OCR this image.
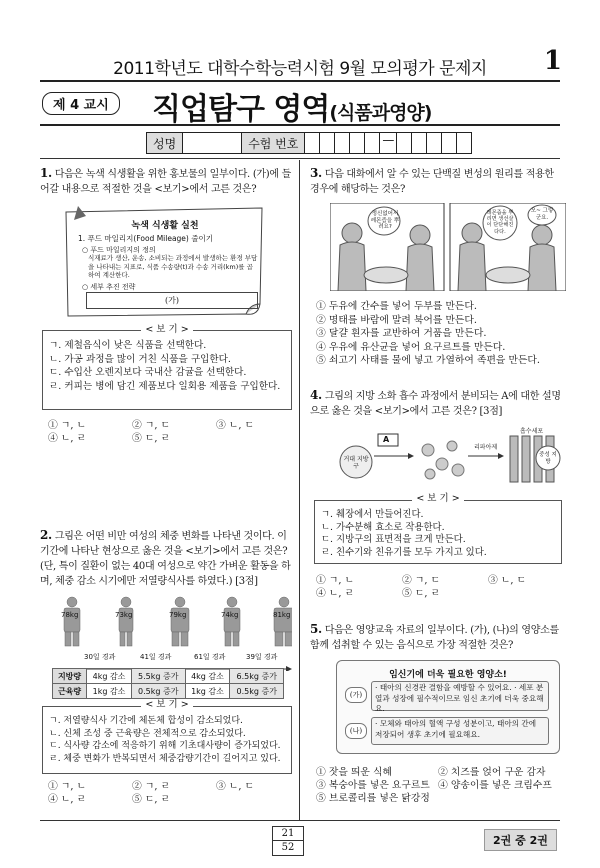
2011학년도 대학수학능력시험 9월 모의평가 문제지	1
제 4 교시	직업탐구 영역(식품과영양)
성명	수험 번호	—
1. 다음은 녹색 식생활을 위한 홍보물의 일부이다. (가)에 들어갈 내용으로 적절한 것을 <보기>에서 고른 것은?
녹색 식생활 실천
1. 푸드 마일리지(Food Mileage) 줄이기
○ 푸드 마일리지의 정의
식재료가 생산, 운송, 소비되는 과정에서 발생하는 환경 부담을 나타내는 지표로, 식품 수송량(t)과 수송 거리(km)를 곱하여 계산한다.
○ 세부 추진 전략
(가)
< 보 기 >
ㄱ. 제철음식이 낮은 식품을 선택한다.
ㄴ. 가공 과정을 많이 거친 식품을 구입한다.
ㄷ. 수입산 오렌지보다 국내산 감귤을 선택한다.
ㄹ. 커피는 병에 담긴 제품보다 일회용 제품을 구입한다.
① ㄱ, ㄴ	② ㄱ, ㄷ	③ ㄴ, ㄷ
④ ㄴ, ㄹ	⑤ ㄷ, ㄹ
2. 그림은 어떤 비만 여성의 체중 변화를 나타낸 것이다. 이 기간에 나타난 현상으로 옳은 것을 <보기>에서 고른 것은? (단, 특이 질환이 없는 40대 여성으로 약간 가벼운 활동을 하며, 체중 감소 시기에만 저열량식사를 하였다.) [3점]
78kg	73kg	79kg	74kg	81kg
30일 경과	41일 경과	61일 경과	39일 경과
지방량	4kg 감소	5.5kg 증가	4kg 감소	6.5kg 증가
근육량	1kg 감소	0.5kg 증가	1kg 감소	0.5kg 증가
< 보 기 >
ㄱ. 저열량식사 기간에 체돈체 합성이 감소되었다.
ㄴ. 신체 조성 중 근육량은 전체적으로 감소되었다.
ㄷ. 식사량 감소에 적응하기 위해 기초대사량이 증가되었다.
ㄹ. 체중 변화가 반복되면서 체중감량기간이 길어지고 있다.
① ㄱ, ㄴ	② ㄱ, ㄹ	③ ㄴ, ㄷ
④ ㄴ, ㄹ	⑤ ㄷ, ㄹ
3. 다음 대화에서 알 수 있는 단백질 변성의 원리를 적용한 경우에 해당하는 것은?
정신없어서 레몬즙을 뿌려요?
레몬즙을 뿌리면 생선살이 단단해진다다.
오~ 그렇군요.
① 두유에 간수를 넣어 두부를 만든다.
② 명태를 바람에 말려 북어를 만든다.
③ 달걀 흰자를 교반하여 거품을 만든다.
④ 우유에 유산균을 넣어 요구르트를 만든다.
⑤ 쇠고기 사태를 물에 넣고 가열하여 족편을 만든다.
4. 그림의 지방 소화 흡수 과정에서 분비되는 A에 대한 설명으로 옳은 것을 <보기>에서 고른 것은? [3점]
A
거대 지방구
리파아제
흡수세포
중성 지방
< 보 기 >
ㄱ. 췌장에서 만들어진다.
ㄴ. 가수분해 효소로 작용한다.
ㄷ. 지방구의 표면적을 크게 만든다.
ㄹ. 친수기와 친유기를 모두 가지고 있다.
① ㄱ, ㄴ	② ㄱ, ㄷ	③ ㄴ, ㄷ
④ ㄴ, ㄹ	⑤ ㄷ, ㄹ
5. 다음은 영양교육 자료의 일부이다. (가), (나)의 영양소를 함께 섭취할 수 있는 음식으로 가장 적절한 것은?
임신기에 더욱 필요한 영양소!
(가)
· 태아의 신경관 결함을 예방할 수 있어요. · 세포 분열과 성장에 필수적이므로 임신 초기에 더욱 중요해요.
(나)
· 모체와 태아의 혈액 구성 성분이고, 태아의 간에 저장되어 생후 초기에 필요해요.
① 잣을 띄운 식혜	② 치즈를 얹어 구운 감자
③ 복숭아를 넣은 요구르트 ④ 양송이를 넣은 크림수프
⑤ 브로콜리를 넣은 닭강정
21
52
2권 중 2권
